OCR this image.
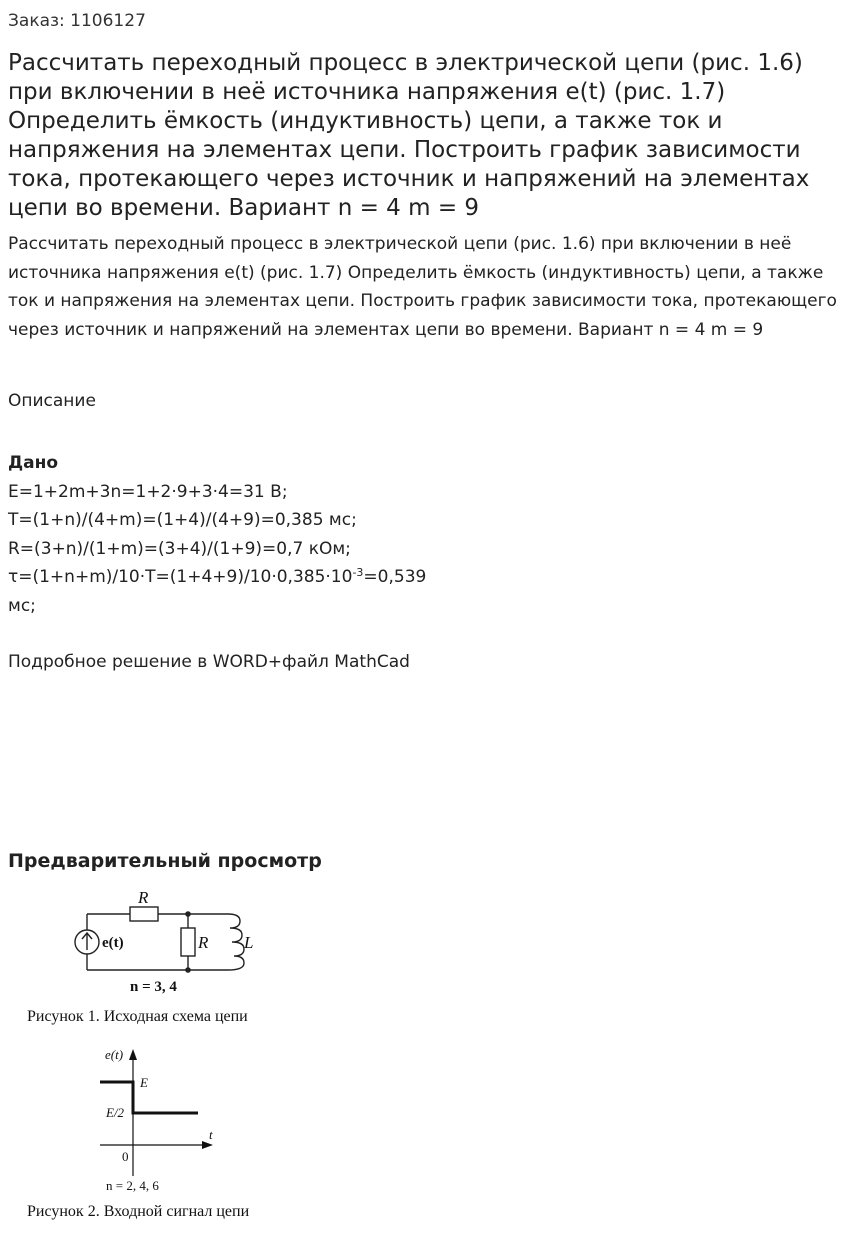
Заказ: 1106127
Рассчитать переходный процесс в электрической цепи (рис. 1.6) при включении в неё источника напряжения e(t) (рис. 1.7) Определить ёмкость (индуктивность) цепи, а также ток и напряжения на элементах цепи. Построить график зависимости тока, протекающего через источник и напряжений на элементах цепи во времени. Вариант n = 4 m = 9

Рассчитать переходный процесс в электрической цепи (рис. 1.6) при включении в неё источника напряжения e(t) (рис. 1.7) Определить ёмкость (индуктивность) цепи, а также ток и напряжения на элементах цепи. Построить график зависимости тока, протекающего через источник и напряжений на элементах цепи во времени. Вариант n = 4 m = 9

Описание
Дано
E=1+2m+3n=1+2·9+3·4=31 В;
T=(1+n)/(4+m)=(1+4)/(4+9)=0,385 мс;
R=(3+n)/(1+m)=(3+4)/(1+9)=0,7 кОм;
$\tau=(1+n+m)/10\cdot T=(1+4+9)/10\cdot 0,385\cdot 10^{-3}=0,539$
мс;
Подробное решение в WORD+файл MathCad
Предварительный просмотр
R
R L
e(t)
n = 3, 4
Рисунок 1. Исходная схема цепи
e(t)
t
E
E/2
0
n = 2, 4, 6
Рисунок 2. Входной сигнал цепи
